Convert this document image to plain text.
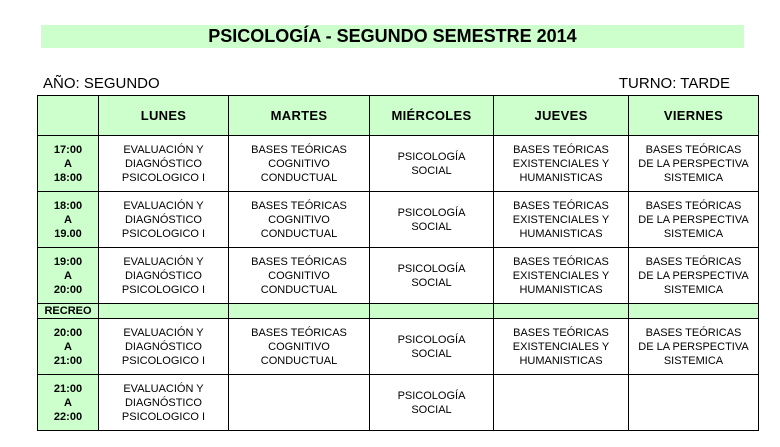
PSICOLOGÍA - SEGUNDO SEMESTRE 2014
AÑO: SEGUNDO	TURNO: TARDE
	LUNES	MARTES	MIÉRCOLES	JUEVES	VIERNES

17:00
A
18:00	EVALUACIÓN Y
DIAGNÓSTICO
PSICOLOGICO I	BASES TEÓRICAS
COGNITIVO
CONDUCTUAL	PSICOLOGÍA
SOCIAL	BASES TEÓRICAS
EXISTENCIALES Y
HUMANISTICAS	BASES TEÓRICAS
DE LA PERSPECTIVA
SISTEMICA

18:00
A
19.00	EVALUACIÓN Y
DIAGNÓSTICO
PSICOLOGICO I	BASES TEÓRICAS
COGNITIVO
CONDUCTUAL	PSICOLOGÍA
SOCIAL	BASES TEÓRICAS
EXISTENCIALES Y
HUMANISTICAS	BASES TEÓRICAS
DE LA PERSPECTIVA
SISTEMICA

19:00
A
20:00	EVALUACIÓN Y
DIAGNÓSTICO
PSICOLOGICO I	BASES TEÓRICAS
COGNITIVO
CONDUCTUAL	PSICOLOGÍA
SOCIAL	BASES TEÓRICAS
EXISTENCIALES Y
HUMANISTICAS	BASES TEÓRICAS
DE LA PERSPECTIVA
SISTEMICA

RECREO					

20:00
A
21:00	EVALUACIÓN Y
DIAGNÓSTICO
PSICOLOGICO I	BASES TEÓRICAS
COGNITIVO
CONDUCTUAL	PSICOLOGÍA
SOCIAL	BASES TEÓRICAS
EXISTENCIALES Y
HUMANISTICAS	BASES TEÓRICAS
DE LA PERSPECTIVA
SISTEMICA

21:00
A
22:00	EVALUACIÓN Y
DIAGNÓSTICO
PSICOLOGICO I		PSICOLOGÍA
SOCIAL		
